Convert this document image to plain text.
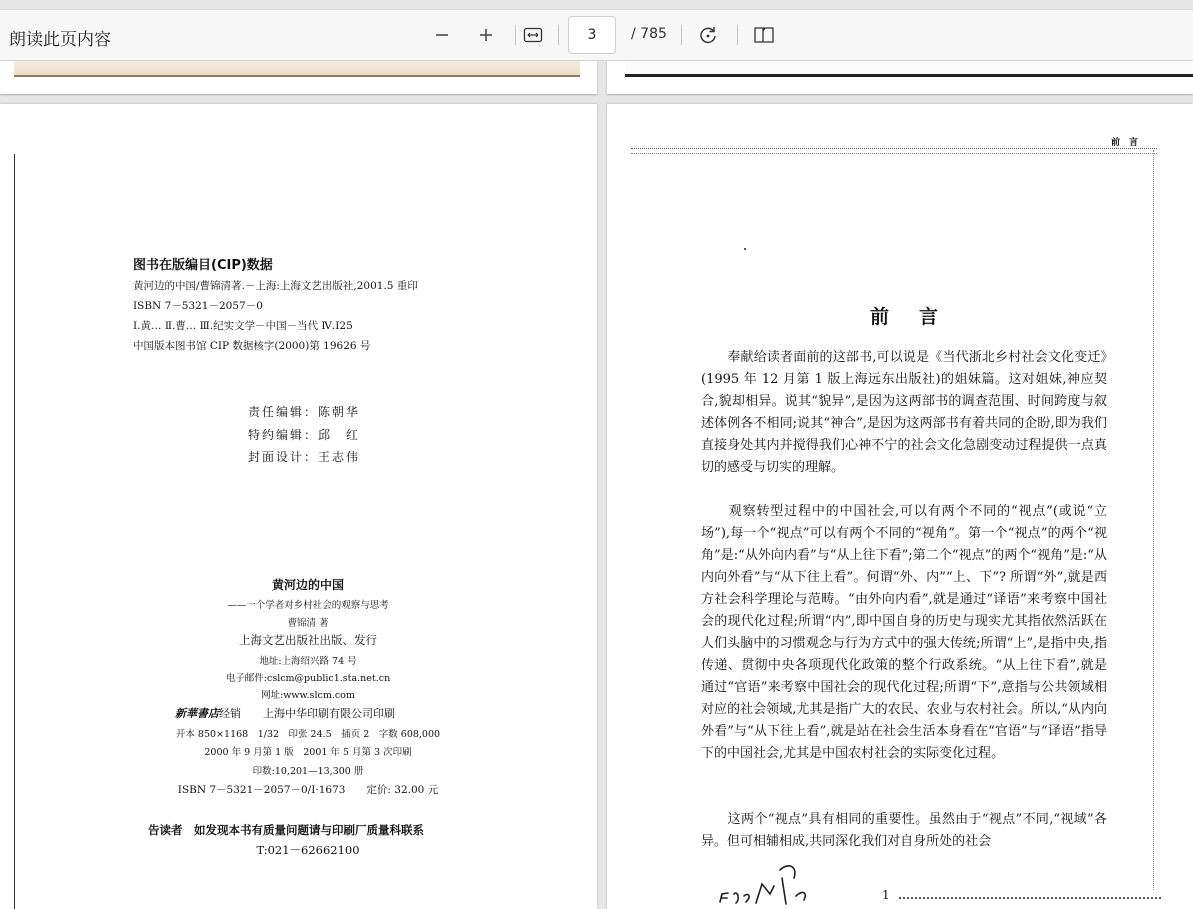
朗读此页内容
3	/ 785
图书在版编目(CIP)数据
黄河边的中国/曹锦清著.－上海:上海文艺出版社,2001.5 重印
ISBN 7－5321－2057－0
Ⅰ.黄… Ⅱ.曹… Ⅲ.纪实文学－中国－当代 Ⅳ.I25
中国版本图书馆 CIP 数据核字(2000)第 19626 号
责任编辑：陈朝华
特约编辑：邱　红
封面设计：王志伟
黄河边的中国
——一个学者对乡村社会的观察与思考
曹锦清 著
上海文艺出版社出版、发行
地址:上海绍兴路 74 号
电子邮件:cslcm@public1.sta.net.cn
网址:www.slcm.com
新華書店经销　　上海中华印刷有限公司印刷
开本 850×1168　1/32　印张 24.5　插页 2　字数 608,000
2000 年 9 月第 1 版　2001 年 5 月第 3 次印刷
印数:10,201—13,300 册
ISBN 7－5321－2057－0/I·1673　　定价: 32.00 元
告读者　如发现本书有质量问题请与印刷厂质量科联系
T:021－62662100
前　言
前言
　　奉献给读者面前的这部书,可以说是《当代浙北乡村社会文化变迁》(1995 年 12 月第 1 版上海远东出版社)的姐妹篇。这对姐妹,神应契合,貌却相异。说其“貌异”,是因为这两部书的调查范围、时间跨度与叙述体例各不相同;说其“神合”,是因为这两部书有着共同的企盼,即为我们直接身处其内并搅得我们心神不宁的社会文化急剧变动过程提供一点真切的感受与切实的理解。
　　观察转型过程中的中国社会,可以有两个不同的“视点”(或说“立场”),每一个“视点”可以有两个不同的“视角”。第一个“视点”的两个“视角”是:“从外向内看”与“从上往下看”;第二个“视点”的两个“视角”是:“从内向外看”与“从下往上看”。何谓“外、内”“上、下”? 所谓“外”,就是西方社会科学理论与范畴。“由外向内看”,就是通过“译语”来考察中国社会的现代化过程;所谓“内”,即中国自身的历史与现实尤其指依然活跃在人们头脑中的习惯观念与行为方式中的强大传统;所谓“上”,是指中央,指传递、贯彻中央各项现代化政策的整个行政系统。“从上往下看”,就是通过“官语”来考察中国社会的现代化过程;所谓“下”,意指与公共领域相对应的社会领域,尤其是指广大的农民、农业与农村社会。所以,“从内向外看”与“从下往上看”,就是站在社会生活本身看在“官语”与“译语”指导下的中国社会,尤其是中国农村社会的实际变化过程。
　　这两个“视点”具有相同的重要性。虽然由于“视点”不同,“视域”各异。但可相辅相成,共同深化我们对自身所处的社会
1
